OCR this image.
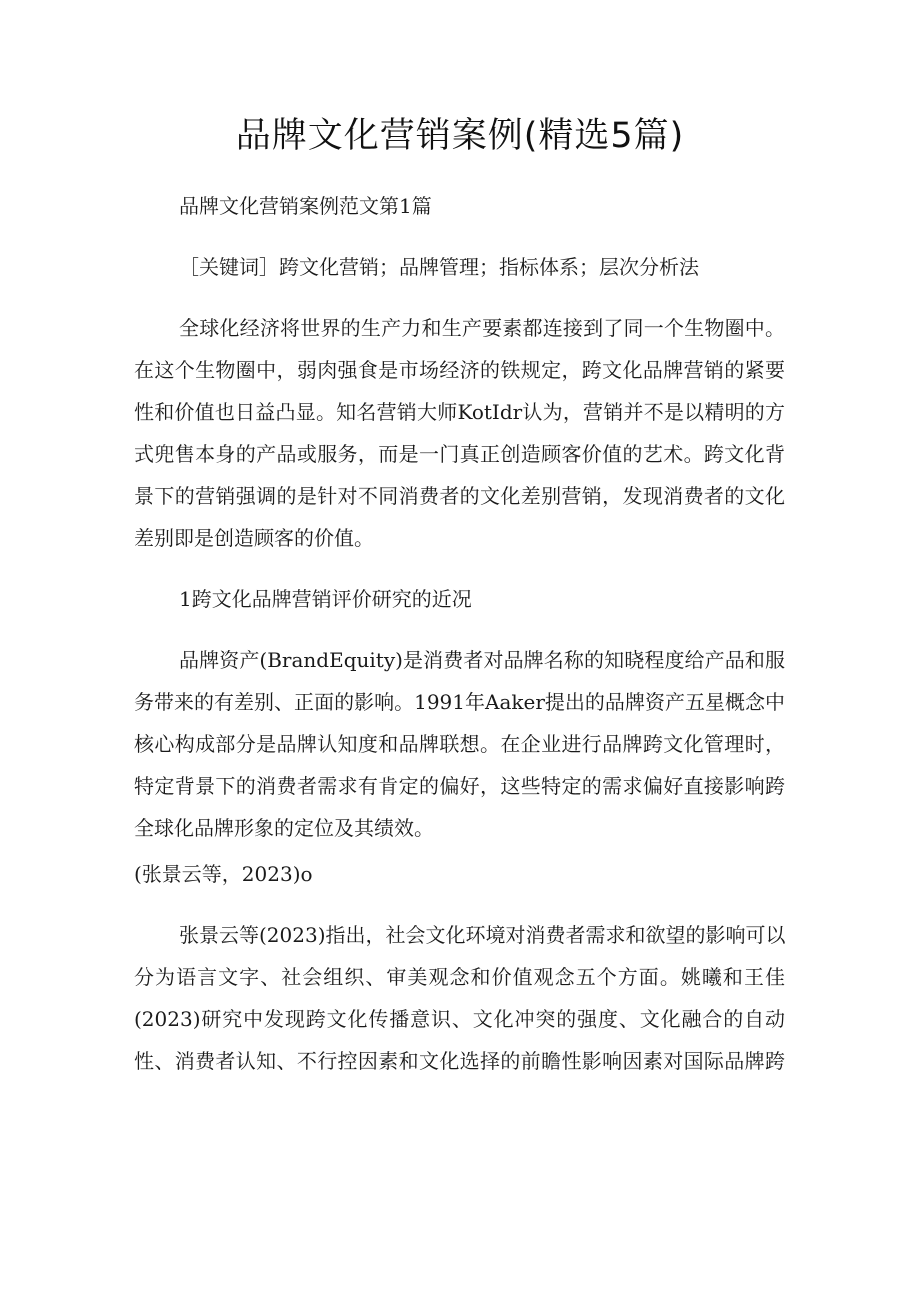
品牌文化营销案例(精选5篇)
品牌文化营销案例范文第1篇
［关键词］跨文化营销；品牌管理；指标体系；层次分析法
全球化经济将世界的生产力和生产要素都连接到了同一个生物圈中。
在这个生物圈中，弱肉强食是市场经济的铁规定，跨文化品牌营销的紧要
性和价值也日益凸显。知名营销大师KotIdr认为，营销并不是以精明的方
式兜售本身的产品或服务，而是一门真正创造顾客价值的艺术。跨文化背
景下的营销强调的是针对不同消费者的文化差别营销，发现消费者的文化
差别即是创造顾客的价值。
1跨文化品牌营销评价研究的近况
品牌资产(BrandEquity)是消费者对品牌名称的知晓程度给产品和服
务带来的有差别、正面的影响。1991年Aaker提出的品牌资产五星概念中
核心构成部分是品牌认知度和品牌联想。在企业进行品牌跨文化管理时，
特定背景下的消费者需求有肯定的偏好，这些特定的需求偏好直接影响跨
全球化品牌形象的定位及其绩效。
(张景云等，2023)o
张景云等(2023)指出，社会文化环境对消费者需求和欲望的影响可以
分为语言文字、社会组织、审美观念和价值观念五个方面。姚曦和王佳
(2023)研究中发现跨文化传播意识、文化冲突的强度、文化融合的自动
性、消费者认知、不行控因素和文化选择的前瞻性影响因素对国际品牌跨
